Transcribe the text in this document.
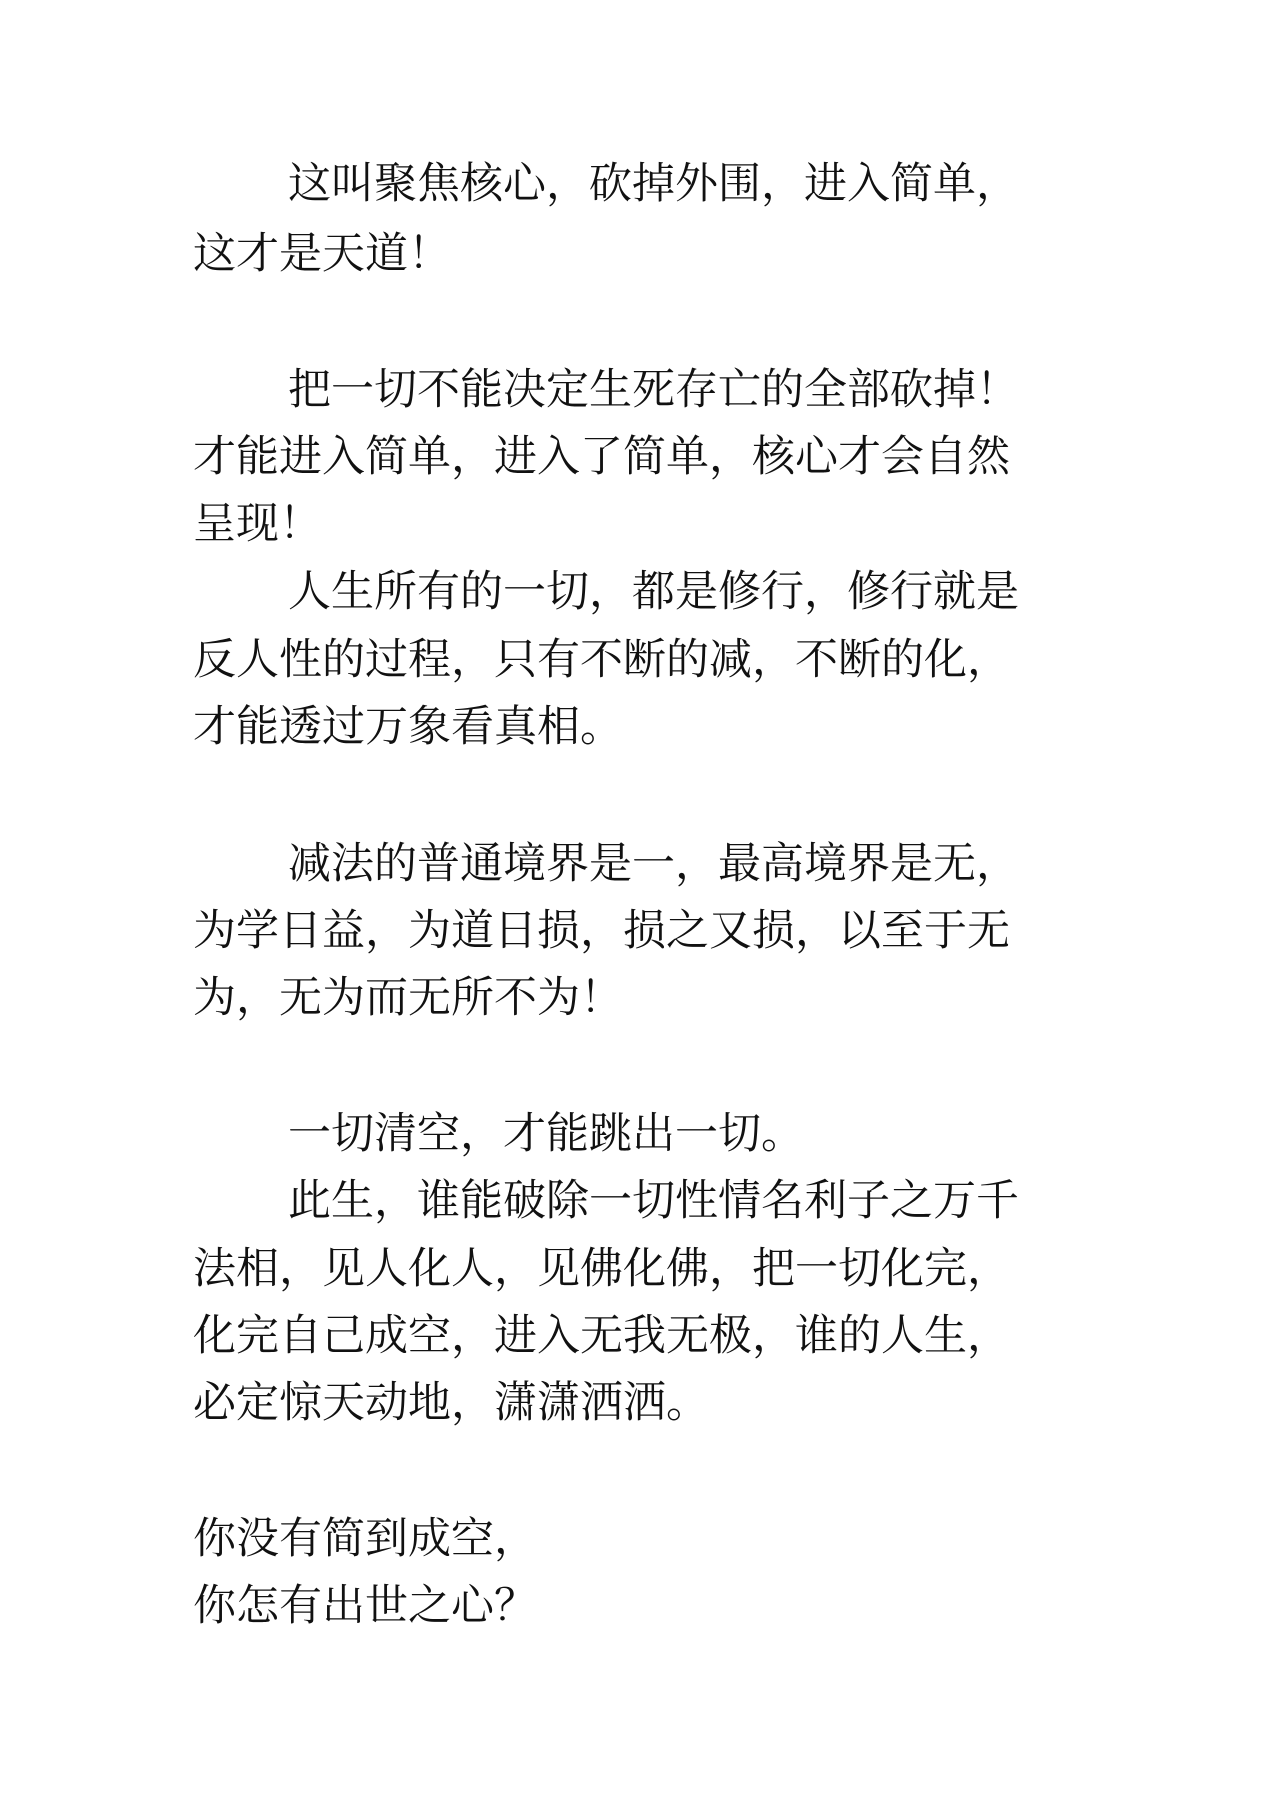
这叫聚焦核心，砍掉外围，进入简单，
这才是天道！
把一切不能决定生死存亡的全部砍掉！
才能进入简单，进入了简单，核心才会自然
呈现！
人生所有的一切，都是修行，修行就是
反人性的过程，只有不断的减，不断的化，
才能透过万象看真相。
减法的普通境界是一，最高境界是无，
为学日益，为道日损，损之又损，以至于无
为，无为而无所不为！
一切清空，才能跳出一切。
此生，谁能破除一切性情名利子之万千
法相，见人化人，见佛化佛，把一切化完，
化完自己成空，进入无我无极，谁的人生，
必定惊天动地，潇潇洒洒。
你没有简到成空，
你怎有出世之心？
